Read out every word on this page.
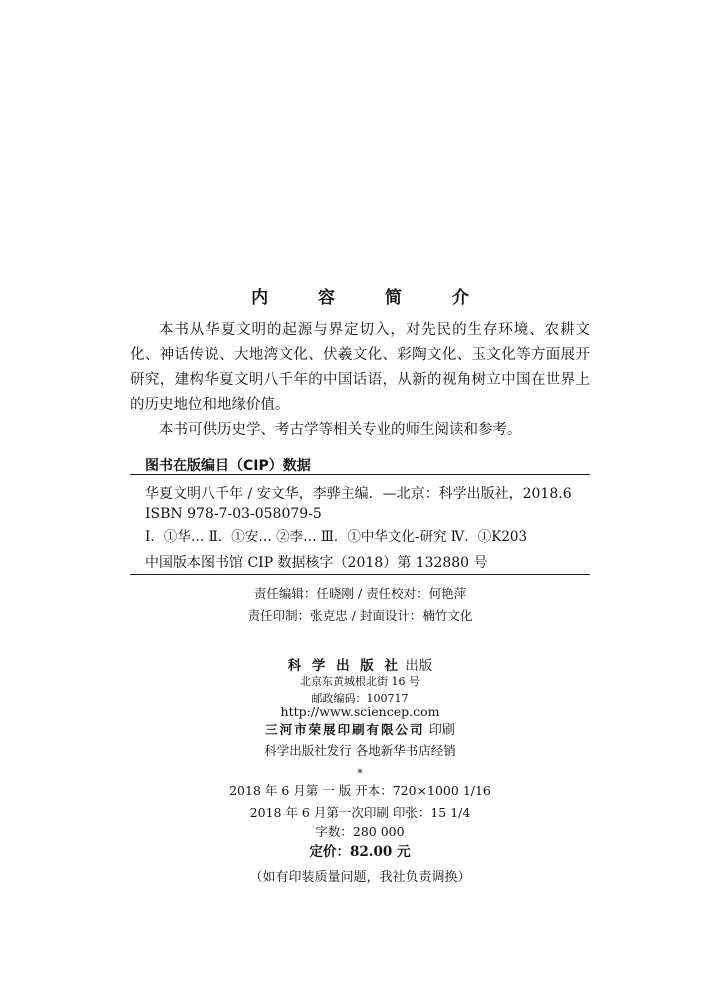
内 容 简 介
本书从华夏文明的起源与界定切入，对先民的生存环境、农耕文化、神话传说、大地湾文化、伏羲文化、彩陶文化、玉文化等方面展开研究，建构华夏文明八千年的中国话语，从新的视角树立中国在世界上的历史地位和地缘价值。
本书可供历史学、考古学等相关专业的师生阅读和参考。
图书在版编目（CIP）数据
华夏文明八千年 / 安文华，李骅主编．—北京：科学出版社，2018.6
ISBN 978-7-03-058079-5
Ⅰ．①华… Ⅱ．①安… ②李… Ⅲ．①中华文化-研究 Ⅳ．①K203
中国版本图书馆 CIP 数据核字（2018）第 132880 号
责任编辑：任晓刚 / 责任校对：何艳萍
责任印制：张克忠 / 封面设计：楠竹文化
科 学 出 版 社 出版
北京东黄城根北街 16 号
邮政编码：100717
http://www.sciencep.com
三河市荣展印刷有限公司 印刷
科学出版社发行 各地新华书店经销
*
2018 年 6 月第 一 版 开本：720×1000 1/16
2018 年 6 月第一次印刷 印张：15 1/4
字数：280 000
定价：82.00 元
（如有印装质量问题，我社负责调换）
